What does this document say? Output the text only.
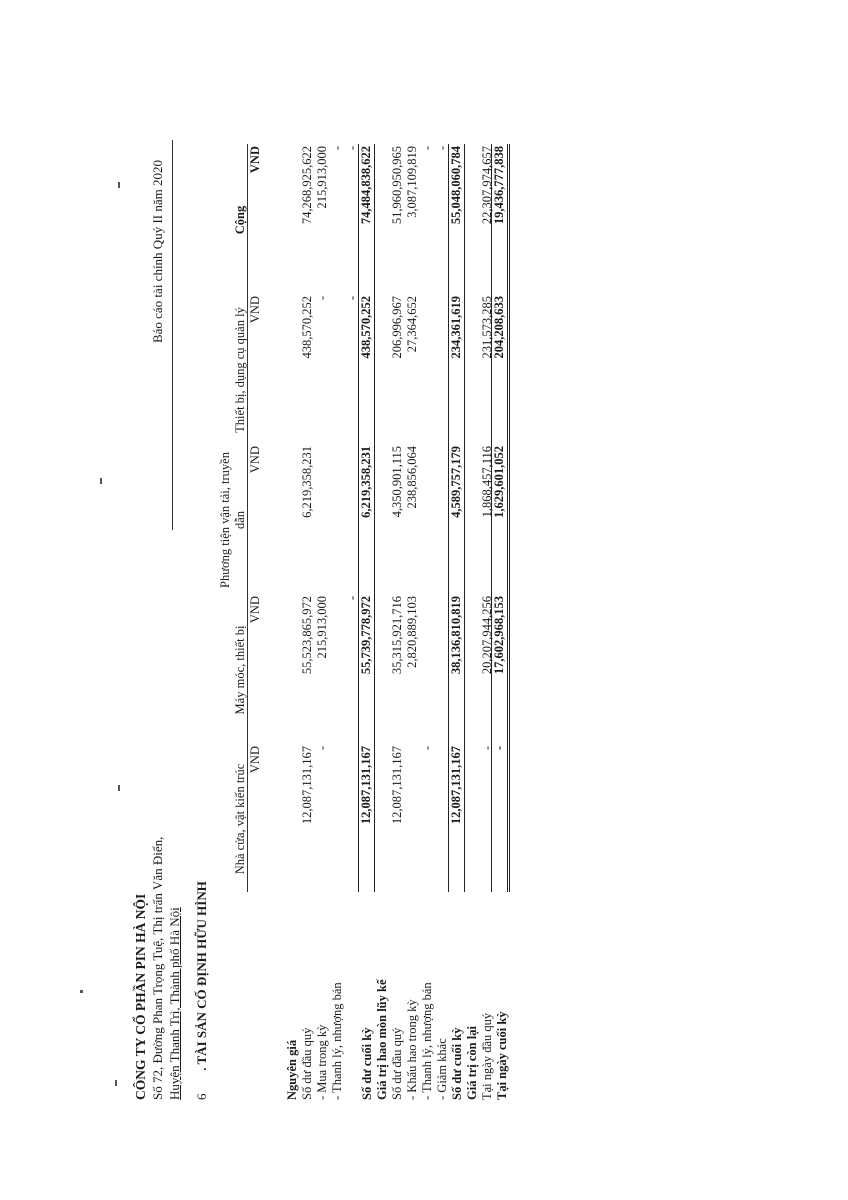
CÔNG TY CỔ PHẦN PIN HÀ NỘI Số 72, Đường Phan Trọng Tuệ, Thị trấn Văn Điển, Huyện Thanh Trì, Thành phố Hà Nội
Báo cáo tài chính Quý II năm 2020
6 . TÀI SẢN CỐ ĐỊNH HỮU HÌNH
Nhà cửa, vật kiến trúc
Máy móc, thiết bị
Phương tiện vận tải, truyền dẫn
Thiết bị, dụng cụ quản lý
Cộng
VND
VND
VND
VND
VND
Nguyên giá Số dư đầu quý
12,087,131,167
55,523,865,972
6,219,358,231
438,570,252
74,268,925,622
- Mua trong kỳ
-
215,913,000
-
215,913,000
- Thanh lý, nhượng bán
-
-
-
-
Số dư cuối kỳ
12,087,131,167
55,739,778,972
6,219,358,231
438,570,252
74,484,838,622
Giá trị hao mòn lũy kế Số dư đầu quý
12,087,131,167
35,315,921,716
4,350,901,115
206,996,967
51,960,950,965
- Khấu hao trong kỳ
2,820,889,103
238,856,064
27,364,652
3,087,109,819
- Thanh lý, nhượng bán
-
-
- Giảm khác
-
Số dư cuối kỳ
12,087,131,167
38,136,810,819
4,589,757,179
234,361,619
55,048,060,784
Giá trị còn lại Tại ngày đầu quý
-
20,207,944,256
1,868,457,116
231,573,285
22,307,974,657
Tại ngày cuối kỳ
-
17,602,968,153
1,629,601,052
204,208,633
19,436,777,838
